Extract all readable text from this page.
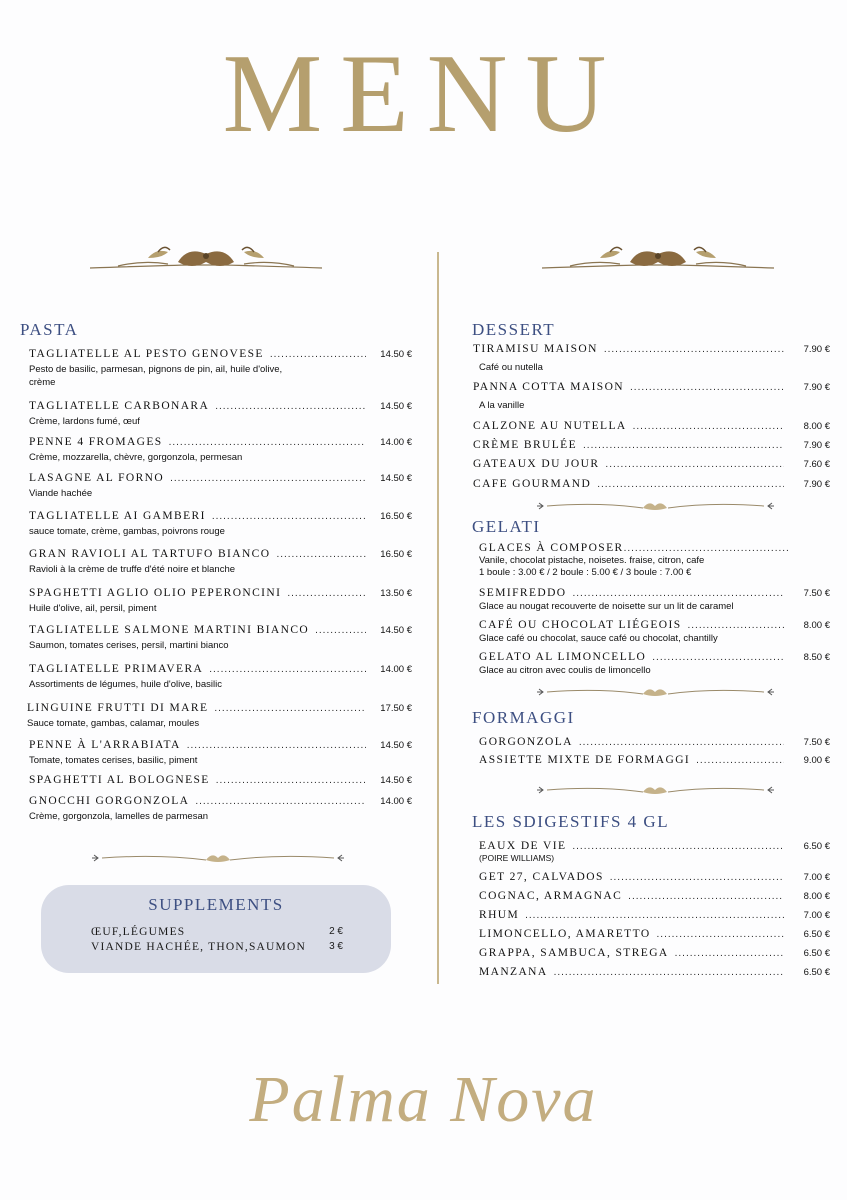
MENU
PASTA
TAGLIATELLE AL PESTO GENOVESE .....	14.50 €
Pesto de basilic, parmesan, pignons de pin, ail, huile d'olive, crème
TAGLIATELLE CARBONARA .....	14.50 €
Crème, lardons fumé, œuf
PENNE 4 FROMAGES .....	14.00 €
Crème, mozzarella, chèvre, gorgonzola, permesan
LASAGNE AL FORNO .....	14.50 €
Viande hachée
TAGLIATELLE AI GAMBERI .....	16.50 €
sauce tomate, crème, gambas, poivrons rouge
GRAN RAVIOLI AL TARTUFO BIANCO .....	16.50 €
Ravioli à la crème de truffe d'été noire et blanche
SPAGHETTI AGLIO OLIO PEPERONCINI .....	13.50 €
Huile d'olive, ail, persil, piment
TAGLIATELLE SALMONE MARTINI BIANCO .....	14.50 €
Saumon, tomates cerises, persil, martini bianco
TAGLIATELLE PRIMAVERA .....	14.00 €
Assortiments de légumes, huile d'olive, basilic
LINGUINE FRUTTI DI MARE .....	17.50 €
Sauce tomate, gambas, calamar, moules
PENNE À L'ARRABIATA .....	14.50 €
Tomate, tomates cerises, basilic, piment
SPAGHETTI AL BOLOGNESE .....	14.50 €
GNOCCHI GORGONZOLA .....	14.00 €
Crème, gorgonzola, lamelles de parmesan
SUPPLEMENTS
ŒUF,LÉGUMES	2 €
VIANDE HACHÉE, THON,SAUMON 3 €
DESSERT
TIRAMISU MAISON .....	7.90 €
Café ou nutella
PANNA COTTA MAISON .....	7.90 €
A la vanille
CALZONE AU NUTELLA .....	8.00 €
CRÈME BRULÉE .....	7.90 €
GATEAUX DU JOUR .....	7.60 €
CAFE GOURMAND .....	7.90 €
GELATI
GLACES À COMPOSER
.....
Vanile, chocolat pistache, noisetes. fraise, citron, cafe
1 boule : 3.00 € / 2 boule : 5.00 € / 3 boule : 7.00 €
SEMIFREDDO .....	7.50 €
Glace au nougat recouverte de noisette sur un lit de caramel
CAFÉ OU CHOCOLAT LIÉGEOIS .....	8.00 €
Glace café ou chocolat, sauce café ou chocolat, chantilly
GELATO AL LIMONCELLO .....	8.50 €
Glace au citron avec coulis de limoncello
FORMAGGI
GORGONZOLA .....	7.50 €
ASSIETTE MIXTE DE FORMAGGI .....	9.00 €
LES SDIGESTIFS 4 GL
EAUX DE VIE .....	6.50 €
(POIRE WILLIAMS)
GET 27, CALVADOS .....	7.00 €
COGNAC, ARMAGNAC .....	8.00 €
RHUM .....	7.00 €
LIMONCELLO, AMARETTO .....	6.50 €
GRAPPA, SAMBUCA, STREGA .....	6.50 €
MANZANA .....	6.50 €
Palma Nova
